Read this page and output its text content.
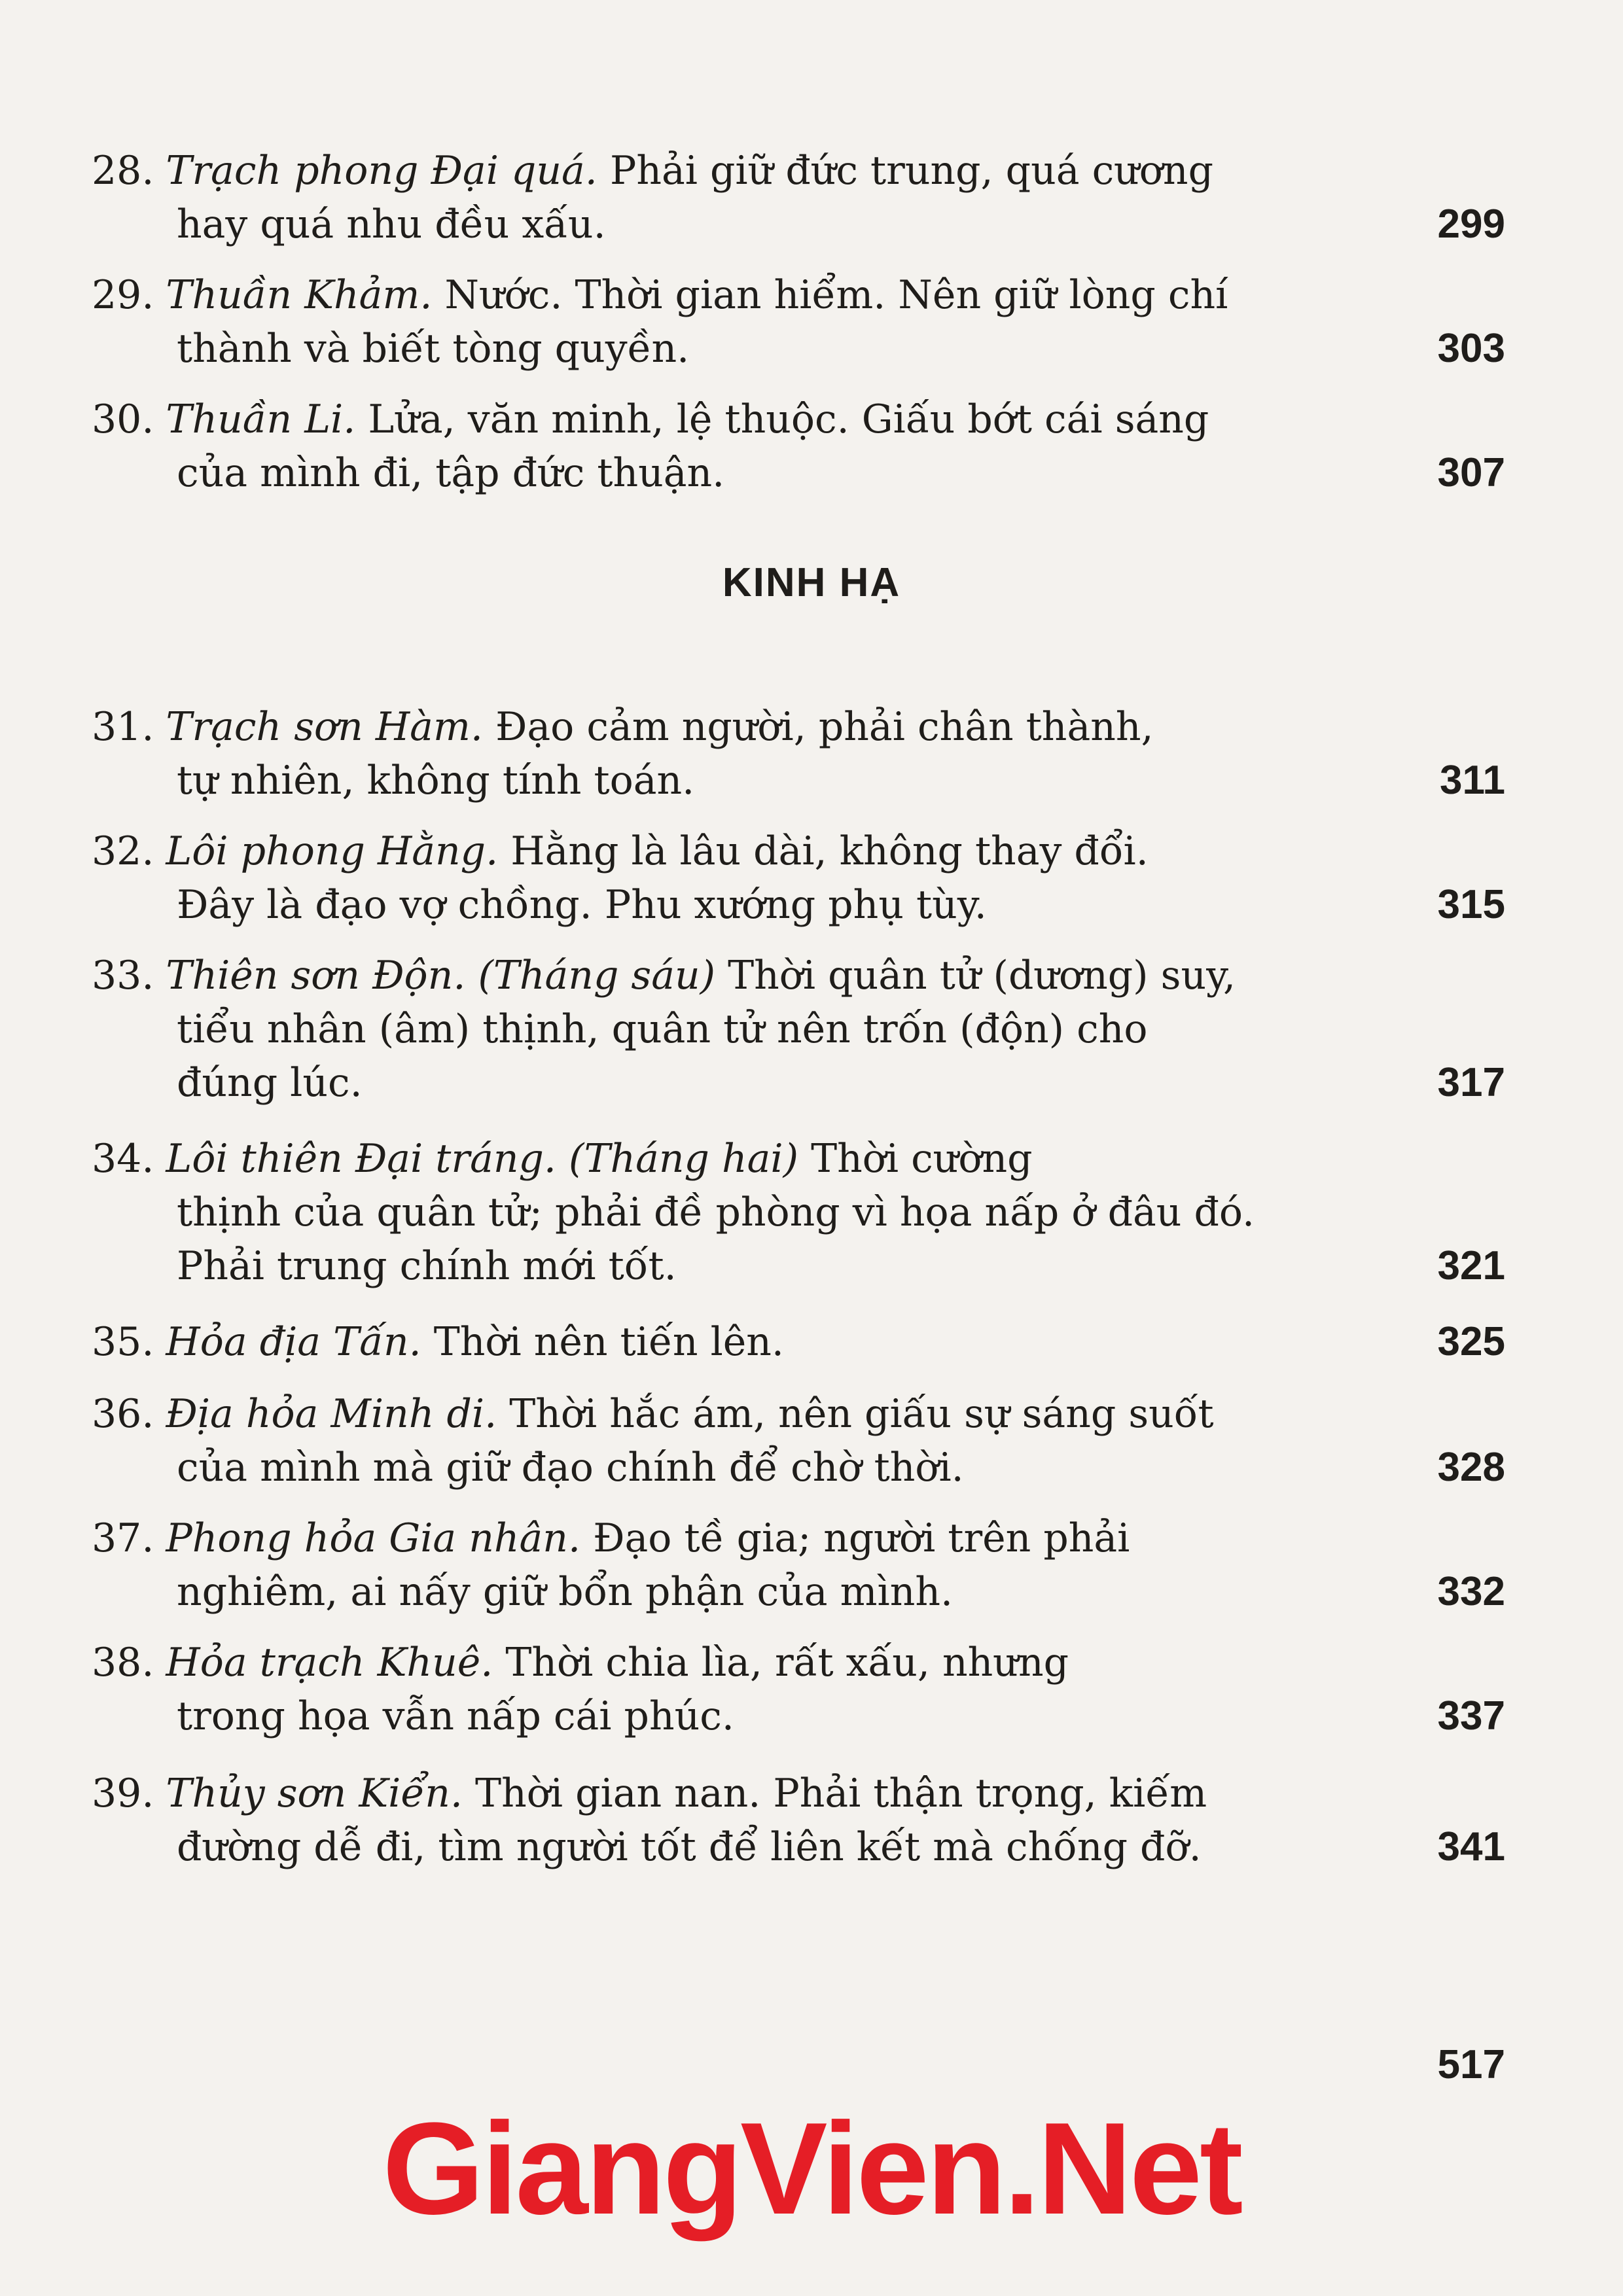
28. Trạch phong Đại quá. Phải giữ đức trung, quá cương
hay quá nhu đều xấu.	299
29. Thuần Khảm. Nước. Thời gian hiểm. Nên giữ lòng chí
thành và biết tòng quyền.	303
30. Thuần Li. Lửa, văn minh, lệ thuộc. Giấu bớt cái sáng
của mình đi, tập đức thuận.	307
KINH HẠ
31. Trạch sơn Hàm. Đạo cảm người, phải chân thành,
tự nhiên, không tính toán.	311
32. Lôi phong Hằng. Hằng là lâu dài, không thay đổi.
Đây là đạo vợ chồng. Phu xướng phụ tùy.	315
33. Thiên sơn Độn. (Tháng sáu) Thời quân tử (dương) suy,
tiểu nhân (âm) thịnh, quân tử nên trốn (độn) cho
đúng lúc.	317
34. Lôi thiên Đại tráng. (Tháng hai) Thời cường
thịnh của quân tử; phải đề phòng vì họa nấp ở đâu đó.
Phải trung chính mới tốt.	321
35. Hỏa địa Tấn. Thời nên tiến lên.	325
36. Địa hỏa Minh di. Thời hắc ám, nên giấu sự sáng suốt
của mình mà giữ đạo chính để chờ thời.	328
37. Phong hỏa Gia nhân. Đạo tề gia; người trên phải
nghiêm, ai nấy giữ bổn phận của mình.	332
38. Hỏa trạch Khuê. Thời chia lìa, rất xấu, nhưng
trong họa vẫn nấp cái phúc.	337
39. Thủy sơn Kiển. Thời gian nan. Phải thận trọng, kiếm
đường dễ đi, tìm người tốt để liên kết mà chống đỡ.	341
517
GiangVien.Net
